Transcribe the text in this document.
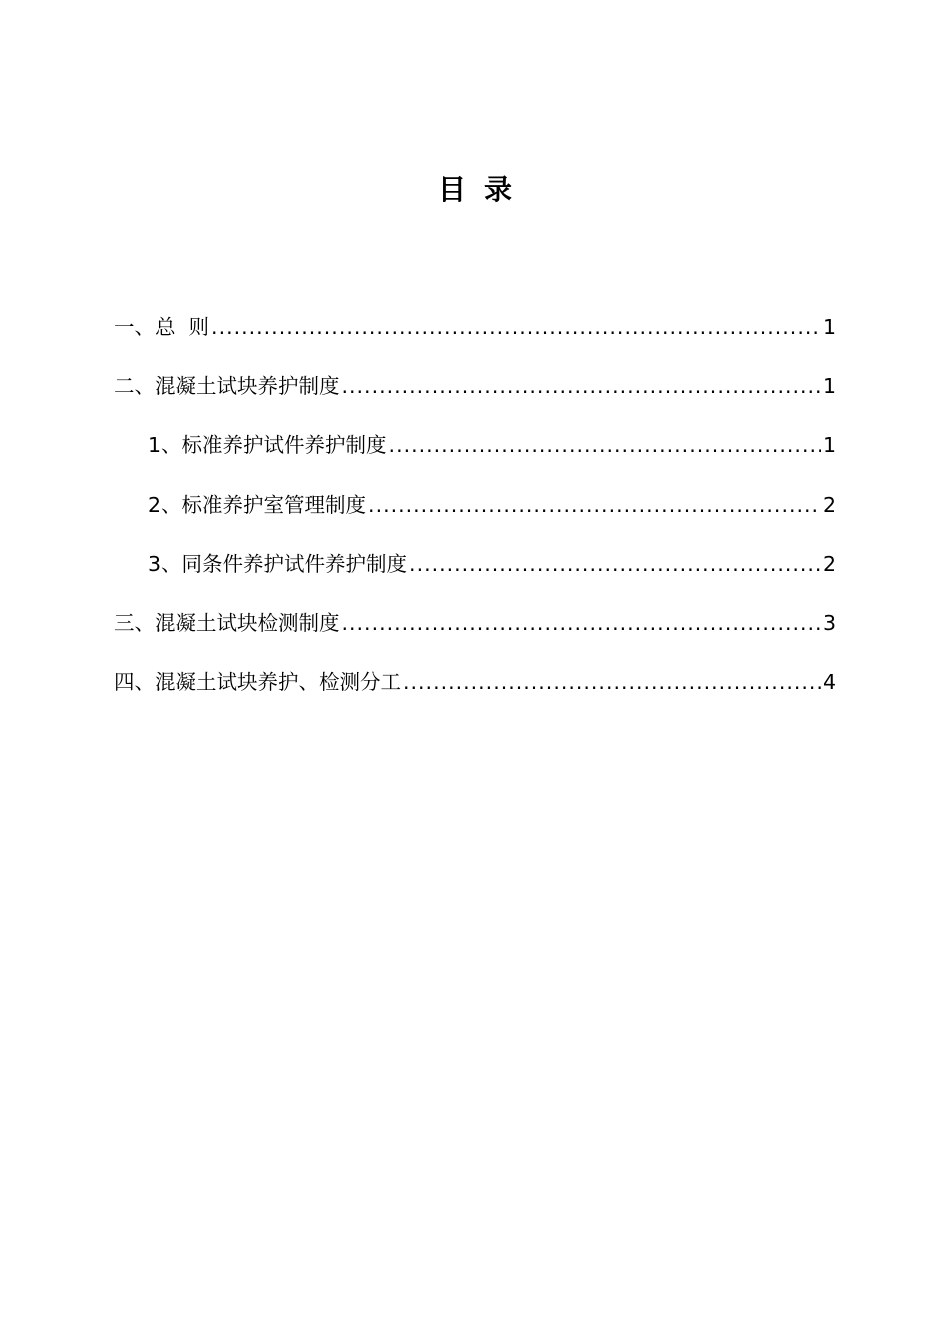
目 录
一、总  则 .....	1
二、混凝土试块养护制度 .....	1
1、标准养护试件养护制度 .....	1
2、标准养护室管理制度 .....	2
3、同条件养护试件养护制度 .....	2
三、混凝土试块检测制度 .....	3
四、混凝土试块养护、检测分工 .....	4
